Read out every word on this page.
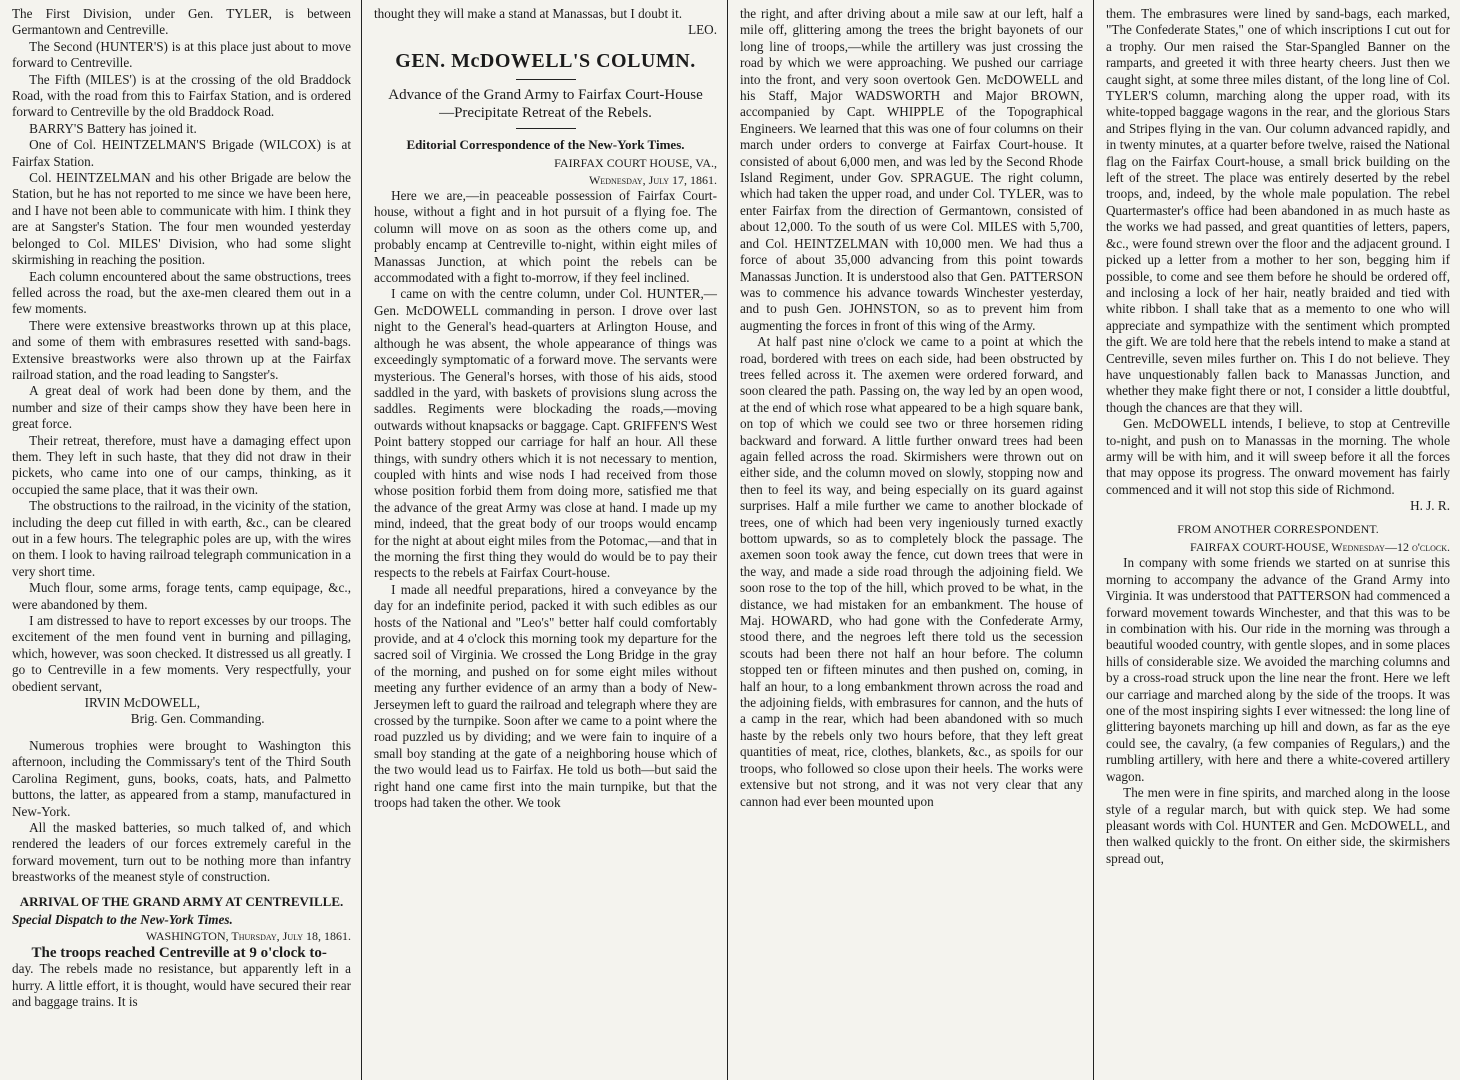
The First Division, under Gen. TYLER, is between Germantown and Centreville.

The Second (HUNTER'S) is at this place just about to move forward to Centreville.

The Fifth (MILES') is at the crossing of the old Braddock Road, with the road from this to Fairfax Station, and is ordered forward to Centreville by the old Braddock Road.

BARRY'S Battery has joined it.

One of Col. HEINTZELMAN'S Brigade (WILCOX) is at Fairfax Station.

Col. HEINTZELMAN and his other Brigade are below the Station, but he has not reported to me since we have been here, and I have not been able to communicate with him. I think they are at Sangster's Station. The four men wounded yesterday belonged to Col. MILES' Division, who had some slight skirmishing in reaching the position.

Each column encountered about the same obstructions, trees felled across the road, but the axe-men cleared them out in a few moments.

There were extensive breastworks thrown up at this place, and some of them with embrasures resetted with sand-bags. Extensive breastworks were also thrown up at the Fairfax railroad station, and the road leading to Sangster's.

A great deal of work had been done by them, and the number and size of their camps show they have been here in great force.

Their retreat, therefore, must have a damaging effect upon them. They left in such haste, that they did not draw in their pickets, who came into one of our camps, thinking, as it occupied the same place, that it was their own.

The obstructions to the railroad, in the vicinity of the station, including the deep cut filled in with earth, &c., can be cleared out in a few hours. The telegraphic poles are up, with the wires on them. I look to having railroad telegraph communication in a very short time.

Much flour, some arms, forage tents, camp equipage, &c., were abandoned by them.

I am distressed to have to report excesses by our troops. The excitement of the men found vent in burning and pillaging, which, however, was soon checked. It distressed us all greatly. I go to Centreville in a few moments. Very respectfully, your obedient servant,

IRVIN McDOWELL,

Brig. Gen. Commanding.

Numerous trophies were brought to Washington this afternoon, including the Commissary's tent of the Third South Carolina Regiment, guns, books, coats, hats, and Palmetto buttons, the latter, as appeared from a stamp, manufactured in New-York.

All the masked batteries, so much talked of, and which rendered the leaders of our forces extremely careful in the forward movement, turn out to be nothing more than infantry breastworks of the meanest style of construction.

ARRIVAL OF THE GRAND ARMY AT CENTREVILLE.

Special Dispatch to the New-York Times.

WASHINGTON, Thursday, July 18, 1861.

The troops reached Centreville at 9 o'clock to-

day. The rebels made no resistance, but apparently left in a hurry. A little effort, it is thought, would have secured their rear and baggage trains. It is

thought they will make a stand at Manassas, but I doubt it.

LEO.

GEN. McDOWELL'S COLUMN.
Advance of the Grand Army to Fairfax Court-House—Precipitate Retreat of the Rebels.
Editorial Correspondence of the New-York Times.
FAIRFAX COURT HOUSE, VA.,
Wednesday, July 17, 1861.

Here we are,—in peaceable possession of Fairfax Court-house, without a fight and in hot pursuit of a flying foe. The column will move on as soon as the others come up, and probably encamp at Centreville to-night, within eight miles of Manassas Junction, at which point the rebels can be accommodated with a fight to-morrow, if they feel inclined.

I came on with the centre column, under Col. HUNTER,—Gen. McDOWELL commanding in person. I drove over last night to the General's head-quarters at Arlington House, and although he was absent, the whole appearance of things was exceedingly symptomatic of a forward move. The servants were mysterious. The General's horses, with those of his aids, stood saddled in the yard, with baskets of provisions slung across the saddles. Regiments were blockading the roads,—moving outwards without knapsacks or baggage. Capt. GRIFFEN'S West Point battery stopped our carriage for half an hour. All these things, with sundry others which it is not necessary to mention, coupled with hints and wise nods I had received from those whose position forbid them from doing more, satisfied me that the advance of the great Army was close at hand. I made up my mind, indeed, that the great body of our troops would encamp for the night at about eight miles from the Potomac,—and that in the morning the first thing they would do would be to pay their respects to the rebels at Fairfax Court-house.

I made all needful preparations, hired a conveyance by the day for an indefinite period, packed it with such edibles as our hosts of the National and "Leo's" better half could comfortably provide, and at 4 o'clock this morning took my departure for the sacred soil of Virginia. We crossed the Long Bridge in the gray of the morning, and pushed on for some eight miles without meeting any further evidence of an army than a body of New-Jerseymen left to guard the railroad and telegraph where they are crossed by the turnpike. Soon after we came to a point where the road puzzled us by dividing; and we were fain to inquire of a small boy standing at the gate of a neighboring house which of the two would lead us to Fairfax. He told us both—but said the right hand one came first into the main turnpike, but that the troops had taken the other. We took

the right, and after driving about a mile saw at our left, half a mile off, glittering among the trees the bright bayonets of our long line of troops,—while the artillery was just crossing the road by which we were approaching. We pushed our carriage into the front, and very soon overtook Gen. McDOWELL and his Staff, Major WADSWORTH and Major BROWN, accompanied by Capt. WHIPPLE of the Topographical Engineers. We learned that this was one of four columns on their march under orders to converge at Fairfax Court-house. It consisted of about 6,000 men, and was led by the Second Rhode Island Regiment, under Gov. SPRAGUE. The right column, which had taken the upper road, and under Col. TYLER, was to enter Fairfax from the direction of Germantown, consisted of about 12,000. To the south of us were Col. MILES with 5,700, and Col. HEINTZELMAN with 10,000 men. We had thus a force of about 35,000 advancing from this point towards Manassas Junction. It is understood also that Gen. PATTERSON was to commence his advance towards Winchester yesterday, and to push Gen. JOHNSTON, so as to prevent him from augmenting the forces in front of this wing of the Army.

At half past nine o'clock we came to a point at which the road, bordered with trees on each side, had been obstructed by trees felled across it. The axemen were ordered forward, and soon cleared the path. Passing on, the way led by an open wood, at the end of which rose what appeared to be a high square bank, on top of which we could see two or three horsemen riding backward and forward. A little further onward trees had been again felled across the road. Skirmishers were thrown out on either side, and the column moved on slowly, stopping now and then to feel its way, and being especially on its guard against surprises. Half a mile further we came to another blockade of trees, one of which had been very ingeniously turned exactly bottom upwards, so as to completely block the passage. The axemen soon took away the fence, cut down trees that were in the way, and made a side road through the adjoining field. We soon rose to the top of the hill, which proved to be what, in the distance, we had mistaken for an embankment. The house of Maj. HOWARD, who had gone with the Confederate Army, stood there, and the negroes left there told us the secession scouts had been there not half an hour before. The column stopped ten or fifteen minutes and then pushed on, coming, in half an hour, to a long embankment thrown across the road and the adjoining fields, with embrasures for cannon, and the huts of a camp in the rear, which had been abandoned with so much haste by the rebels only two hours before, that they left great quantities of meat, rice, clothes, blankets, &c., as spoils for our troops, who followed so close upon their heels. The works were extensive but not strong, and it was not very clear that any cannon had ever been mounted upon

them. The embrasures were lined by sand-bags, each marked, "The Confederate States," one of which inscriptions I cut out for a trophy. Our men raised the Star-Spangled Banner on the ramparts, and greeted it with three hearty cheers. Just then we caught sight, at some three miles distant, of the long line of Col. TYLER'S column, marching along the upper road, with its white-topped baggage wagons in the rear, and the glorious Stars and Stripes flying in the van. Our column advanced rapidly, and in twenty minutes, at a quarter before twelve, raised the National flag on the Fairfax Court-house, a small brick building on the left of the street. The place was entirely deserted by the rebel troops, and, indeed, by the whole male population. The rebel Quartermaster's office had been abandoned in as much haste as the works we had passed, and great quantities of letters, papers, &c., were found strewn over the floor and the adjacent ground. I picked up a letter from a mother to her son, begging him if possible, to come and see them before he should be ordered off, and inclosing a lock of her hair, neatly braided and tied with white ribbon. I shall take that as a memento to one who will appreciate and sympathize with the sentiment which prompted the gift. We are told here that the rebels intend to make a stand at Centreville, seven miles further on. This I do not believe. They have unquestionably fallen back to Manassas Junction, and whether they make fight there or not, I consider a little doubtful, though the chances are that they will.

Gen. McDOWELL intends, I believe, to stop at Centreville to-night, and push on to Manassas in the morning. The whole army will be with him, and it will sweep before it all the forces that may oppose its progress. The onward movement has fairly commenced and it will not stop this side of Richmond.

H. J. R.

FROM ANOTHER CORRESPONDENT.
FAIRFAX COURT-HOUSE, Wednesday—12 o'clock.

In company with some friends we started on at sunrise this morning to accompany the advance of the Grand Army into Virginia. It was understood that PATTERSON had commenced a forward movement towards Winchester, and that this was to be in combination with his. Our ride in the morning was through a beautiful wooded country, with gentle slopes, and in some places hills of considerable size. We avoided the marching columns and by a cross-road struck upon the line near the front. Here we left our carriage and marched along by the side of the troops. It was one of the most inspiring sights I ever witnessed: the long line of glittering bayonets marching up hill and down, as far as the eye could see, the cavalry, (a few companies of Regulars,) and the rumbling artillery, with here and there a white-covered artillery wagon.

The men were in fine spirits, and marched along in the loose style of a regular march, but with quick step. We had some pleasant words with Col. HUNTER and Gen. McDOWELL, and then walked quickly to the front. On either side, the skirmishers spread out,
